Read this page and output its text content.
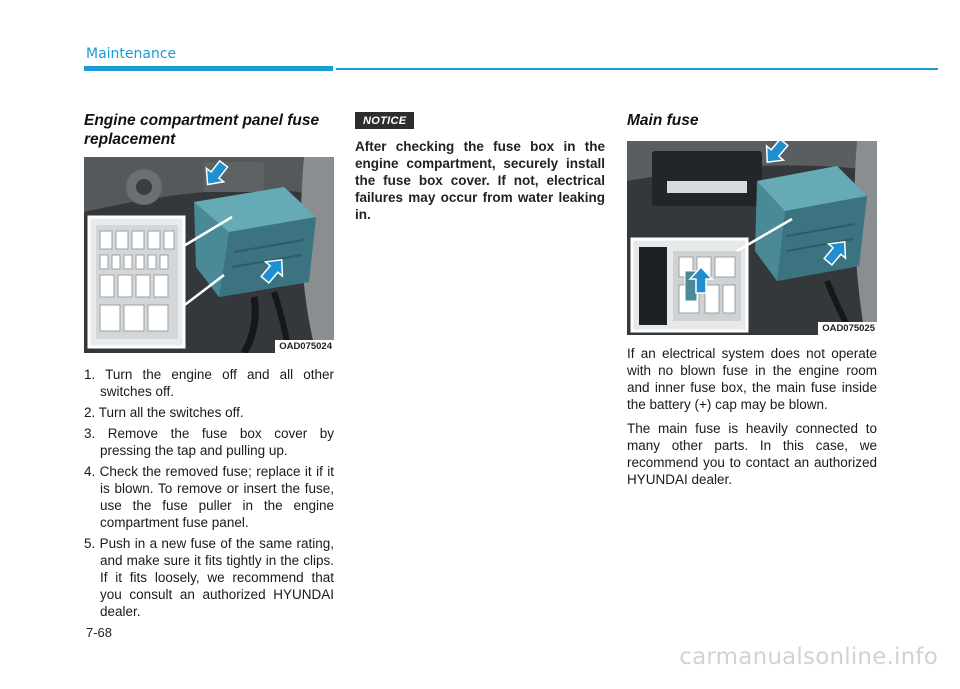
Maintenance
Engine compartment panel fuse replacement
OAD075024
1. Turn the engine off and all other switches off.
2. Turn all the switches off.
3. Remove the fuse box cover by pressing the tap and pulling up.
4. Check the removed fuse; replace it if it is blown. To remove or insert the fuse, use the fuse puller in the engine compartment fuse panel.
5. Push in a new fuse of the same rating, and make sure it fits tightly in the clips. If it fits loosely, we recommend that you consult an authorized HYUNDAI dealer.
NOTICE

After checking the fuse box in the engine compartment, securely install the fuse box cover. If not, electrical failures may occur from water leaking in.

Main fuse
OAD075025

If an electrical system does not operate with no blown fuse in the engine room and inner fuse box, the main fuse inside the battery (+) cap may be blown.

The main fuse is heavily connected to many other parts. In this case, we recommend you to contact an authorized HYUNDAI dealer.

7-68
carmanualsonline.info
